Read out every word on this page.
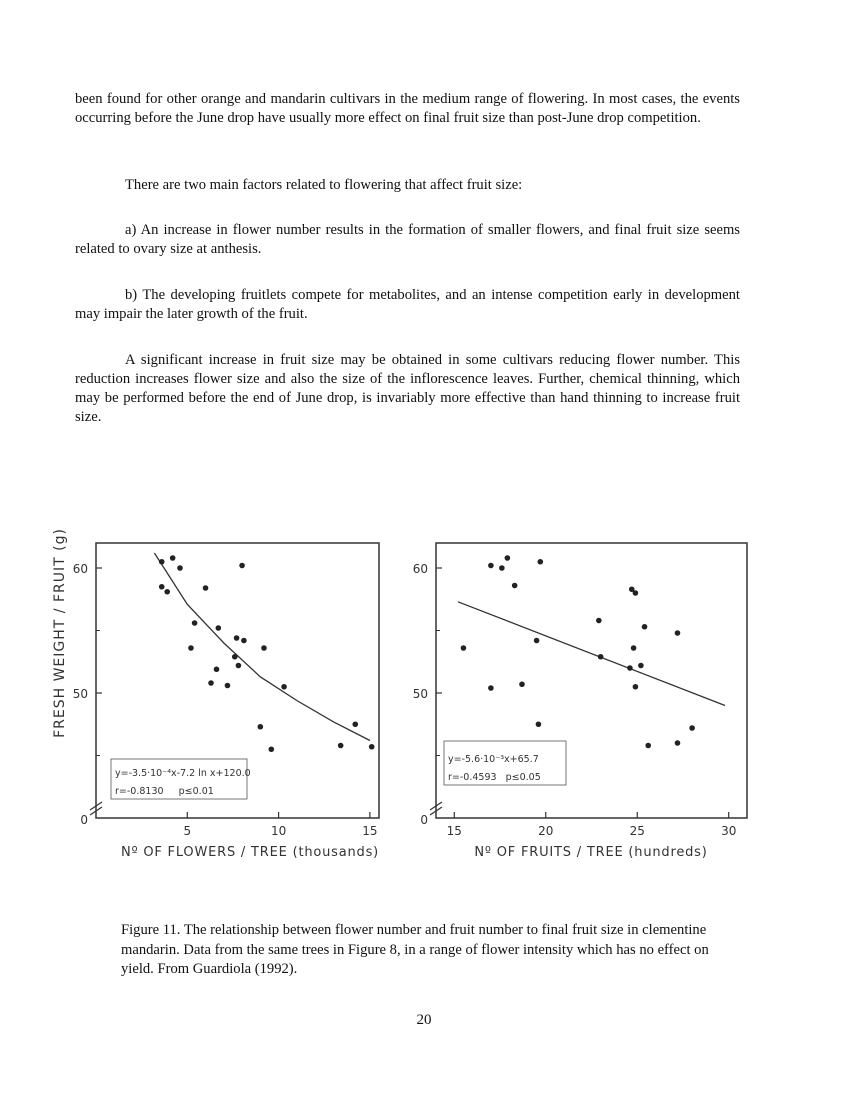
been found for other orange and mandarin cultivars in the medium range of flowering. In most cases, the events occurring before the June drop have usually more effect on final fruit size than post-June drop competition.

There are two main factors related to flowering that affect fruit size:

a) An increase in flower number results in the formation of smaller flowers, and final fruit size seems related to ovary size at anthesis.

b) The developing fruitlets compete for metabolites, and an intense competition early in development may impair the later growth of the fruit.

A significant increase in fruit size may be obtained in some cultivars reducing flower number. This reduction increases flower size and also the size of the inflorescence leaves. Further, chemical thinning, which may be performed before the end of June drop, is invariably more effective than hand thinning to increase fruit size.

FRESH WEIGHT / FRUIT (g)
5	10	15
50
60
0
y=-3.5·10⁻⁴x-7.2 ln x+120.0
r=-0.8130     p≤0.01
Nº OF FLOWERS / TREE (thousands)
15	20	25	30
50
60
0
y=-5.6·10⁻³x+65.7
r=-0.4593   p≤0.05
Nº OF FRUITS / TREE (hundreds)

Figure 11. The relationship between flower number and fruit number to final fruit size in clementine mandarin. Data from the same trees in Figure 8, in a range of flower intensity which has no effect on yield. From Guardiola (1992).

20
